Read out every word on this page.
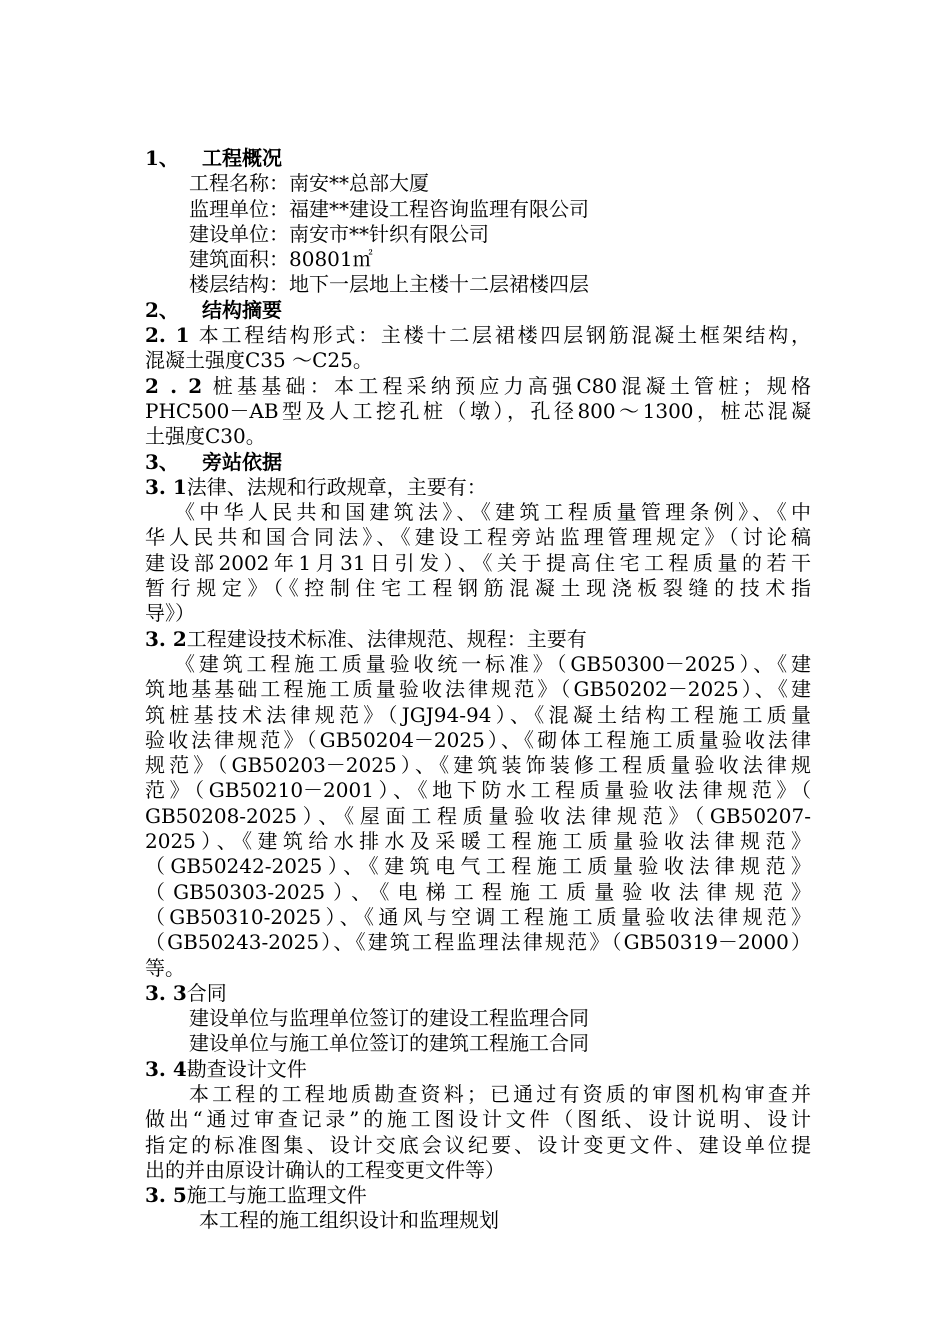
1、 工程概况
工程名称：南安**总部大厦
监理单位：福建**建设工程咨询监理有限公司
建设单位：南安市**针织有限公司
建筑面积：80801㎡
楼层结构：地下一层地上主楼十二层裙楼四层
2、 结构摘要
2. 1 本工程结构形式：主楼十二层裙楼四层钢筋混凝土框架结构，
混凝土强度C35 ～C25。
2 . 2 桩基基础：本工程采纳预应力高强C80混凝土管桩；规格
PHC500－AB型及人工挖孔桩（墩），孔径800～1300，桩芯混凝
土强度C30。
3、 旁站依据
3. 1法律、法规和行政规章，主要有：
《中华人民共和国建筑法》、《建筑工程质量管理条例》、《中
华人民共和国合同法》、《建设工程旁站监理管理规定》（讨论稿
建设部2002年1月31日引发）、《关于提高住宅工程质量的若干
暂行规定》（《控制住宅工程钢筋混凝土现浇板裂缝的技术指
导》）
3. 2工程建设技术标准、法律规范、规程：主要有
《建筑工程施工质量验收统一标准》（GB50300－2025）、《建
筑地基基础工程施工质量验收法律规范》（GB50202－2025）、《建
筑桩基技术法律规范》（JGJ94-94）、《混凝土结构工程施工质量
验收法律规范》（GB50204－2025）、《砌体工程施工质量验收法律
规范》（GB50203－2025）、《建筑装饰装修工程质量验收法律规
范》（GB50210－2001）、《地下防水工程质量验收法律规范》（
GB50208-2025）、《屋面工程质量验收法律规范》（GB50207-
2025）、《建筑给水排水及采暖工程施工质量验收法律规范》
（GB50242-2025）、《建筑电气工程施工质量验收法律规范》
（GB50303-2025）、《电梯工程施工质量验收法律规范》
（GB50310-2025）、《通风与空调工程施工质量验收法律规范》
（GB50243-2025）、《建筑工程监理法律规范》（GB50319－2000）
等。
3. 3合同
建设单位与监理单位签订的建设工程监理合同
建设单位与施工单位签订的建筑工程施工合同
3. 4勘查设计文件
本工程的工程地质勘查资料；已通过有资质的审图机构审查并
做出“通过审查记录”的施工图设计文件（图纸、设计说明、设计
指定的标准图集、设计交底会议纪要、设计变更文件、建设单位提
出的并由原设计确认的工程变更文件等）
3. 5施工与施工监理文件
本工程的施工组织设计和监理规划
